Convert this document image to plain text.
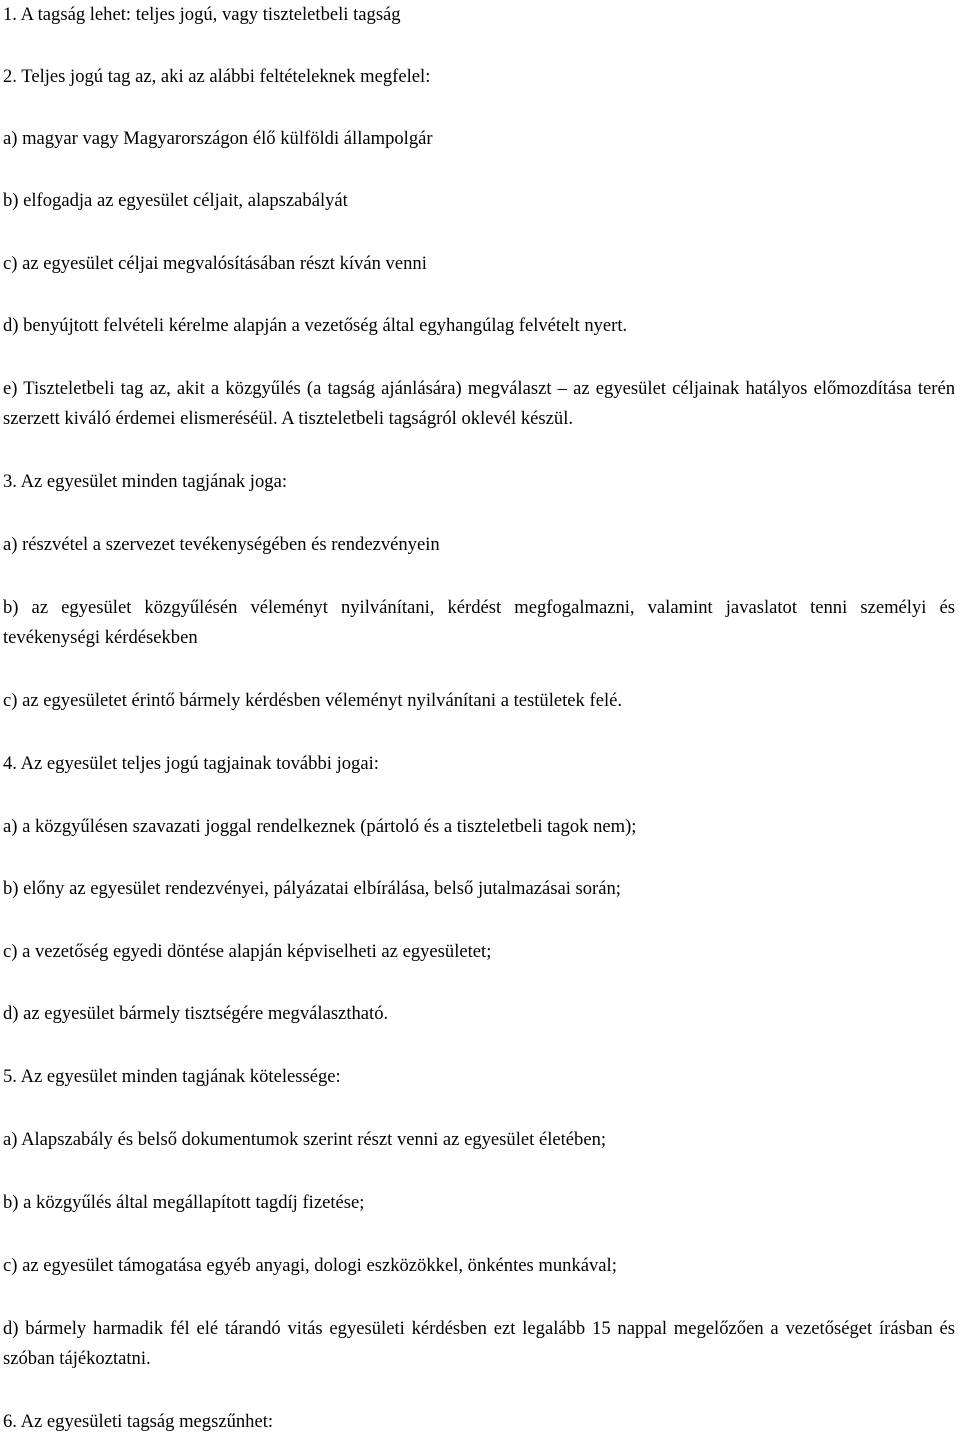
1. A tagság lehet: teljes jogú, vagy tiszteletbeli tagság

2. Teljes jogú tag az, aki az alábbi feltételeknek megfelel:

a) magyar vagy Magyarországon élő külföldi állampolgár

b) elfogadja az egyesület céljait, alapszabályát

c) az egyesület céljai megvalósításában részt kíván venni

d) benyújtott felvételi kérelme alapján a vezetőség által egyhangúlag felvételt nyert.

e) Tiszteletbeli tag az, akit a közgyűlés (a tagság ajánlására) megválaszt – az egyesület céljainak hatályos előmozdítása terén szerzett kiváló érdemei elismeréséül. A tiszteletbeli tagságról oklevél készül.

3. Az egyesület minden tagjának joga:

a) részvétel a szervezet tevékenységében és rendezvényein

b) az egyesület közgyűlésén véleményt nyilvánítani, kérdést megfogalmazni, valamint javaslatot tenni személyi és tevékenységi kérdésekben

c) az egyesületet érintő bármely kérdésben véleményt nyilvánítani a testületek felé.

4. Az egyesület teljes jogú tagjainak további jogai:

a) a közgyűlésen szavazati joggal rendelkeznek (pártoló és a tiszteletbeli tagok nem);

b) előny az egyesület rendezvényei, pályázatai elbírálása, belső jutalmazásai során;

c) a vezetőség egyedi döntése alapján képviselheti az egyesületet;

d) az egyesület bármely tisztségére megválasztható.

5. Az egyesület minden tagjának kötelessége:

a) Alapszabály és belső dokumentumok szerint részt venni az egyesület életében;

b) a közgyűlés által megállapított tagdíj fizetése;

c) az egyesület támogatása egyéb anyagi, dologi eszközökkel, önkéntes munkával;

d) bármely harmadik fél elé tárandó vitás egyesületi kérdésben ezt legalább 15 nappal megelőzően a vezetőséget írásban és szóban tájékoztatni.

6. Az egyesületi tagság megszűnhet:
